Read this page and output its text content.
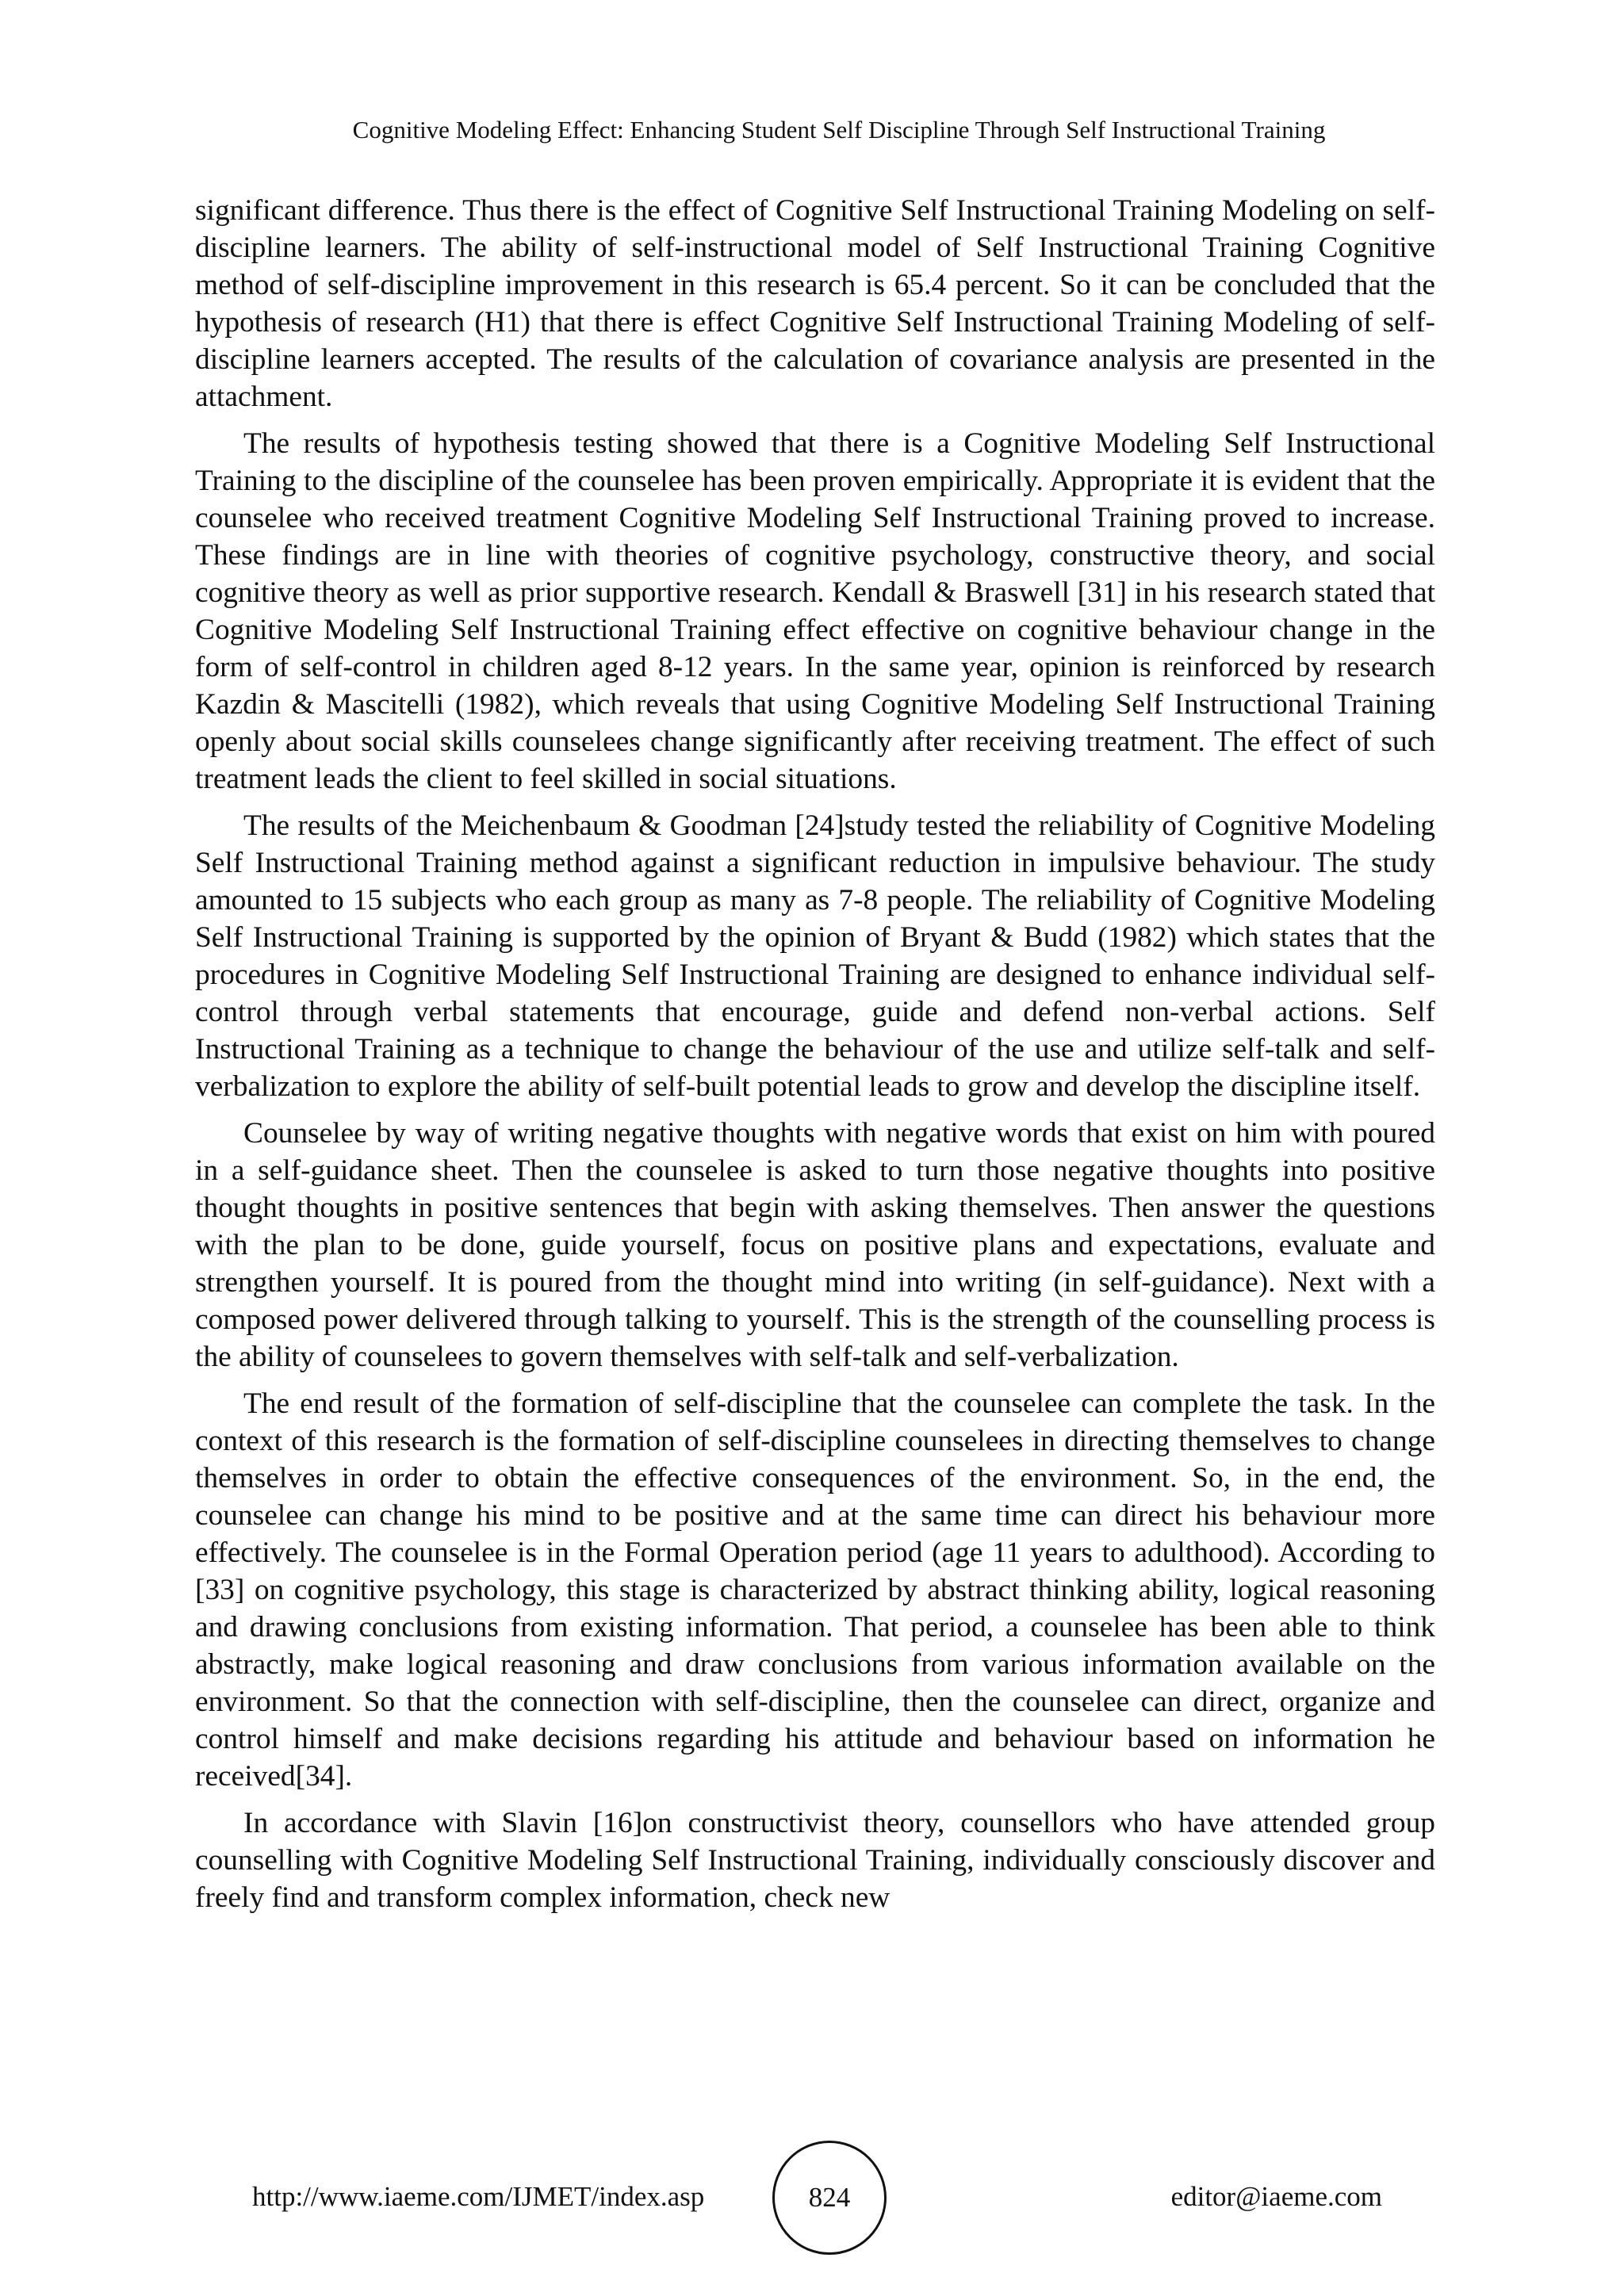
Cognitive Modeling Effect: Enhancing Student Self Discipline Through Self Instructional Training

significant difference. Thus there is the effect of Cognitive Self Instructional Training Modeling on self-discipline learners. The ability of self-instructional model of Self Instructional Training Cognitive method of self-discipline improvement in this research is 65.4 percent. So it can be concluded that the hypothesis of research (H1) that there is effect Cognitive Self Instructional Training Modeling of self-discipline learners accepted. The results of the calculation of covariance analysis are presented in the attachment.

The results of hypothesis testing showed that there is a Cognitive Modeling Self Instructional Training to the discipline of the counselee has been proven empirically. Appropriate it is evident that the counselee who received treatment Cognitive Modeling Self Instructional Training proved to increase. These findings are in line with theories of cognitive psychology, constructive theory, and social cognitive theory as well as prior supportive research. Kendall & Braswell [31] in his research stated that Cognitive Modeling Self Instructional Training effect effective on cognitive behaviour change in the form of self-control in children aged 8-12 years. In the same year, opinion is reinforced by research Kazdin & Mascitelli (1982), which reveals that using Cognitive Modeling Self Instructional Training openly about social skills counselees change significantly after receiving treatment. The effect of such treatment leads the client to feel skilled in social situations.

The results of the Meichenbaum & Goodman [24]study tested the reliability of Cognitive Modeling Self Instructional Training method against a significant reduction in impulsive behaviour. The study amounted to 15 subjects who each group as many as 7-8 people. The reliability of Cognitive Modeling Self Instructional Training is supported by the opinion of Bryant & Budd (1982) which states that the procedures in Cognitive Modeling Self Instructional Training are designed to enhance individual self-control through verbal statements that encourage, guide and defend non-verbal actions. Self Instructional Training as a technique to change the behaviour of the use and utilize self-talk and self-verbalization to explore the ability of self-built potential leads to grow and develop the discipline itself.

Counselee by way of writing negative thoughts with negative words that exist on him with poured in a self-guidance sheet. Then the counselee is asked to turn those negative thoughts into positive thought thoughts in positive sentences that begin with asking themselves. Then answer the questions with the plan to be done, guide yourself, focus on positive plans and expectations, evaluate and strengthen yourself. It is poured from the thought mind into writing (in self-guidance). Next with a composed power delivered through talking to yourself. This is the strength of the counselling process is the ability of counselees to govern themselves with self-talk and self-verbalization.

The end result of the formation of self-discipline that the counselee can complete the task. In the context of this research is the formation of self-discipline counselees in directing themselves to change themselves in order to obtain the effective consequences of the environment. So, in the end, the counselee can change his mind to be positive and at the same time can direct his behaviour more effectively. The counselee is in the Formal Operation period (age 11 years to adulthood). According to [33] on cognitive psychology, this stage is characterized by abstract thinking ability, logical reasoning and drawing conclusions from existing information. That period, a counselee has been able to think abstractly, make logical reasoning and draw conclusions from various information available on the environment. So that the connection with self-discipline, then the counselee can direct, organize and control himself and make decisions regarding his attitude and behaviour based on information he received[34].

In accordance with Slavin [16]on constructivist theory, counsellors who have attended group counselling with Cognitive Modeling Self Instructional Training, individually consciously discover and freely find and transform complex information, check new

http://www.iaeme.com/IJMET/index.asp	824	editor@iaeme.com
